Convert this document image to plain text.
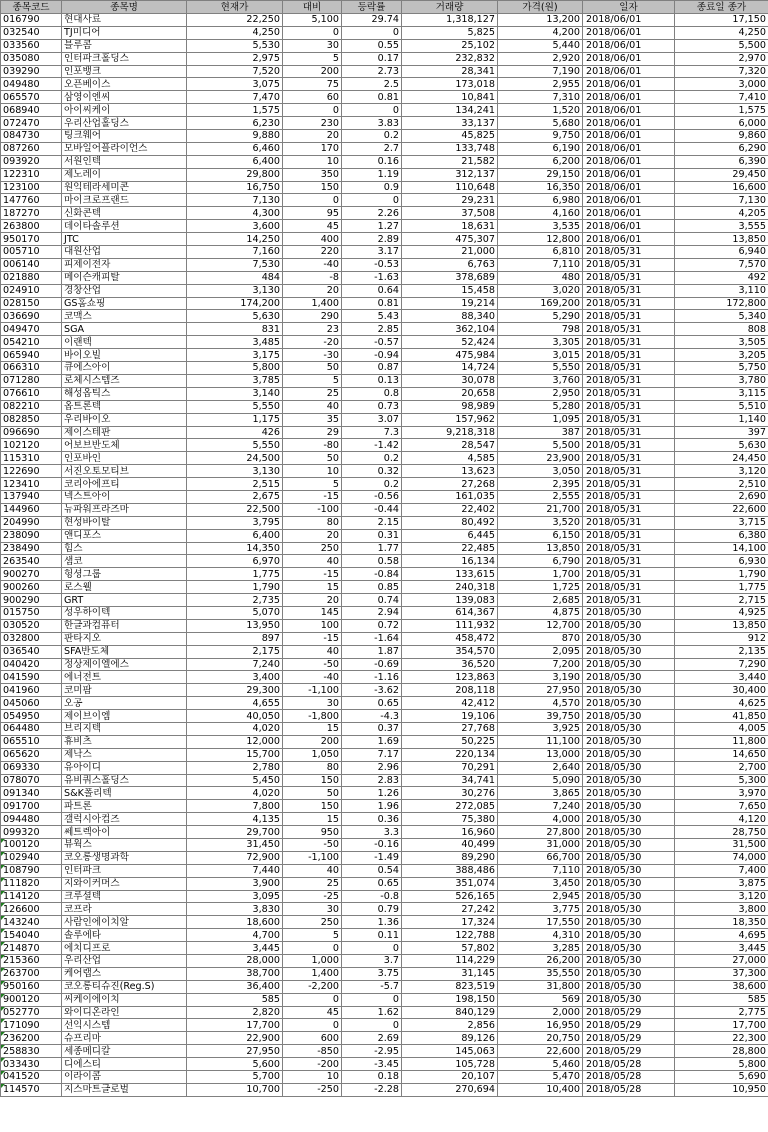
종목코드	종목명	현재가	대비	등락률	거래량	가격(원)	일자	종료일 종가
016790	현대사료	22,250	5,100	29.74	1,318,127	13,200	2018/06/01	17,150
032540	TJ미디어	4,250	0	0	5,825	4,200	2018/06/01	4,250
033560	블루콤	5,530	30	0.55	25,102	5,440	2018/06/01	5,500
035080	인터파크홀딩스	2,975	5	0.17	232,832	2,920	2018/06/01	2,970
039290	인포뱅크	7,520	200	2.73	28,341	7,190	2018/06/01	7,320
049480	오픈베이스	3,075	75	2.5	173,018	2,955	2018/06/01	3,000
065570	삼영이엔씨	7,470	60	0.81	10,841	7,310	2018/06/01	7,410
068940	아이씨케이	1,575	0	0	134,241	1,520	2018/06/01	1,575
072470	우리산업홀딩스	6,230	230	3.83	33,137	5,680	2018/06/01	6,000
084730	팅크웨어	9,880	20	0.2	45,825	9,750	2018/06/01	9,860
087260	모바일어플라이언스	6,460	170	2.7	133,748	6,190	2018/06/01	6,290
093920	서원인텍	6,400	10	0.16	21,582	6,200	2018/06/01	6,390
122310	제노레이	29,800	350	1.19	312,137	29,150	2018/06/01	29,450
123100	원익테라세미콘	16,750	150	0.9	110,648	16,350	2018/06/01	16,600
147760	마이크로프랜드	7,130	0	0	29,231	6,980	2018/06/01	7,130
187270	신화콘텍	4,300	95	2.26	37,508	4,160	2018/06/01	4,205
263800	데이타솔루션	3,600	45	1.27	18,631	3,535	2018/06/01	3,555
950170	JTC	14,250	400	2.89	475,307	12,800	2018/06/01	13,850
005710	대원산업	7,160	220	3.17	21,000	6,810	2018/05/31	6,940
006140	피제이전자	7,530	-40	-0.53	6,763	7,110	2018/05/31	7,570
021880	메이슨캐피탈	484	-8	-1.63	378,689	480	2018/05/31	492
024910	경창산업	3,130	20	0.64	15,458	3,020	2018/05/31	3,110
028150	GS홈쇼핑	174,200	1,400	0.81	19,214	169,200	2018/05/31	172,800
036690	코맥스	5,630	290	5.43	88,340	5,290	2018/05/31	5,340
049470	SGA	831	23	2.85	362,104	798	2018/05/31	808
054210	이랜텍	3,485	-20	-0.57	52,424	3,305	2018/05/31	3,505
065940	바이오빌	3,175	-30	-0.94	475,984	3,015	2018/05/31	3,205
066310	큐에스아이	5,800	50	0.87	14,724	5,550	2018/05/31	5,750
071280	로체시스템즈	3,785	5	0.13	30,078	3,760	2018/05/31	3,780
076610	해성옵틱스	3,140	25	0.8	20,658	2,950	2018/05/31	3,115
082210	옵트론텍	5,550	40	0.73	98,989	5,280	2018/05/31	5,510
082850	우리바이오	1,175	35	3.07	157,962	1,095	2018/05/31	1,140
096690	제이스테판	426	29	7.3	9,218,318	387	2018/05/31	397
102120	어보브반도체	5,550	-80	-1.42	28,547	5,500	2018/05/31	5,630
115310	인포바인	24,500	50	0.2	4,585	23,900	2018/05/31	24,450
122690	서진오토모티브	3,130	10	0.32	13,623	3,050	2018/05/31	3,120
123410	코리아에프티	2,515	5	0.2	27,268	2,395	2018/05/31	2,510
137940	넥스트아이	2,675	-15	-0.56	161,035	2,555	2018/05/31	2,690
144960	뉴파워프라즈마	22,500	-100	-0.44	22,402	21,700	2018/05/31	22,600
204990	현성바이탈	3,795	80	2.15	80,492	3,520	2018/05/31	3,715
238090	앤디포스	6,400	20	0.31	6,445	6,150	2018/05/31	6,380
238490	힘스	14,350	250	1.77	22,485	13,850	2018/05/31	14,100
263540	샘코	6,970	40	0.58	16,134	6,790	2018/05/31	6,930
900270	헝셩그룹	1,775	-15	-0.84	133,615	1,700	2018/05/31	1,790
900260	로스웰	1,790	15	0.85	240,318	1,725	2018/05/31	1,775
900290	GRT	2,735	20	0.74	139,083	2,685	2018/05/31	2,715
015750	성우하이텍	5,070	145	2.94	614,367	4,875	2018/05/30	4,925
030520	한글과컴퓨터	13,950	100	0.72	111,932	12,700	2018/05/30	13,850
032800	판타지오	897	-15	-1.64	458,472	870	2018/05/30	912
036540	SFA반도체	2,175	40	1.87	354,570	2,095	2018/05/30	2,135
040420	정상제이엘에스	7,240	-50	-0.69	36,520	7,200	2018/05/30	7,290
041590	에너전트	3,400	-40	-1.16	123,863	3,190	2018/05/30	3,440
041960	코미팜	29,300	-1,100	-3.62	208,118	27,950	2018/05/30	30,400
045060	오공	4,655	30	0.65	42,412	4,570	2018/05/30	4,625
054950	제이브이엠	40,050	-1,800	-4.3	19,106	39,750	2018/05/30	41,850
064480	브리지텍	4,020	15	0.37	27,768	3,925	2018/05/30	4,005
065510	휴비츠	12,000	200	1.69	50,225	11,100	2018/05/30	11,800
065620	제낙스	15,700	1,050	7.17	220,134	13,000	2018/05/30	14,650
069330	유아이디	2,780	80	2.96	70,291	2,640	2018/05/30	2,700
078070	유비쿼스홀딩스	5,450	150	2.83	34,741	5,090	2018/05/30	5,300
091340	S&K폴리텍	4,020	50	1.26	30,276	3,865	2018/05/30	3,970
091700	파트론	7,800	150	1.96	272,085	7,240	2018/05/30	7,650
094480	갤럭시아컴즈	4,135	15	0.36	75,380	4,000	2018/05/30	4,120
099320	쎄트렉아이	29,700	950	3.3	16,960	27,800	2018/05/30	28,750
100120	뷰웍스	31,450	-50	-0.16	40,499	31,000	2018/05/30	31,500
102940	코오롱생명과학	72,900	-1,100	-1.49	89,290	66,700	2018/05/30	74,000
108790	인터파크	7,440	40	0.54	388,486	7,110	2018/05/30	7,400
111820	지와이커머스	3,900	25	0.65	351,074	3,450	2018/05/30	3,875
114120	크루셜텍	3,095	-25	-0.8	526,165	2,945	2018/05/30	3,120
126600	코프라	3,830	30	0.79	27,242	3,775	2018/05/30	3,800
143240	사람인에이치알	18,600	250	1.36	17,324	17,550	2018/05/30	18,350
154040	솔루에타	4,700	5	0.11	122,788	4,310	2018/05/30	4,695
214870	에치디프로	3,445	0	0	57,802	3,285	2018/05/30	3,445
215360	우리산업	28,000	1,000	3.7	114,229	26,200	2018/05/30	27,000
263700	케어랩스	38,700	1,400	3.75	31,145	35,550	2018/05/30	37,300
950160	코오롱티슈진(Reg.S)	36,400	-2,200	-5.7	823,519	31,800	2018/05/30	38,600
900120	씨케이에이치	585	0	0	198,150	569	2018/05/30	585
052770	와이디온라인	2,820	45	1.62	840,129	2,000	2018/05/29	2,775
171090	선익시스템	17,700	0	0	2,856	16,950	2018/05/29	17,700
236200	슈프리마	22,900	600	2.69	89,126	20,750	2018/05/29	22,300
258830	세종메디칼	27,950	-850	-2.95	145,063	22,600	2018/05/29	28,800
033430	디에스티	5,600	-200	-3.45	105,728	5,460	2018/05/28	5,800
041520	이라이콤	5,700	10	0.18	20,107	5,470	2018/05/28	5,690
114570	지스마트글로벌	10,700	-250	-2.28	270,694	10,400	2018/05/28	10,950
